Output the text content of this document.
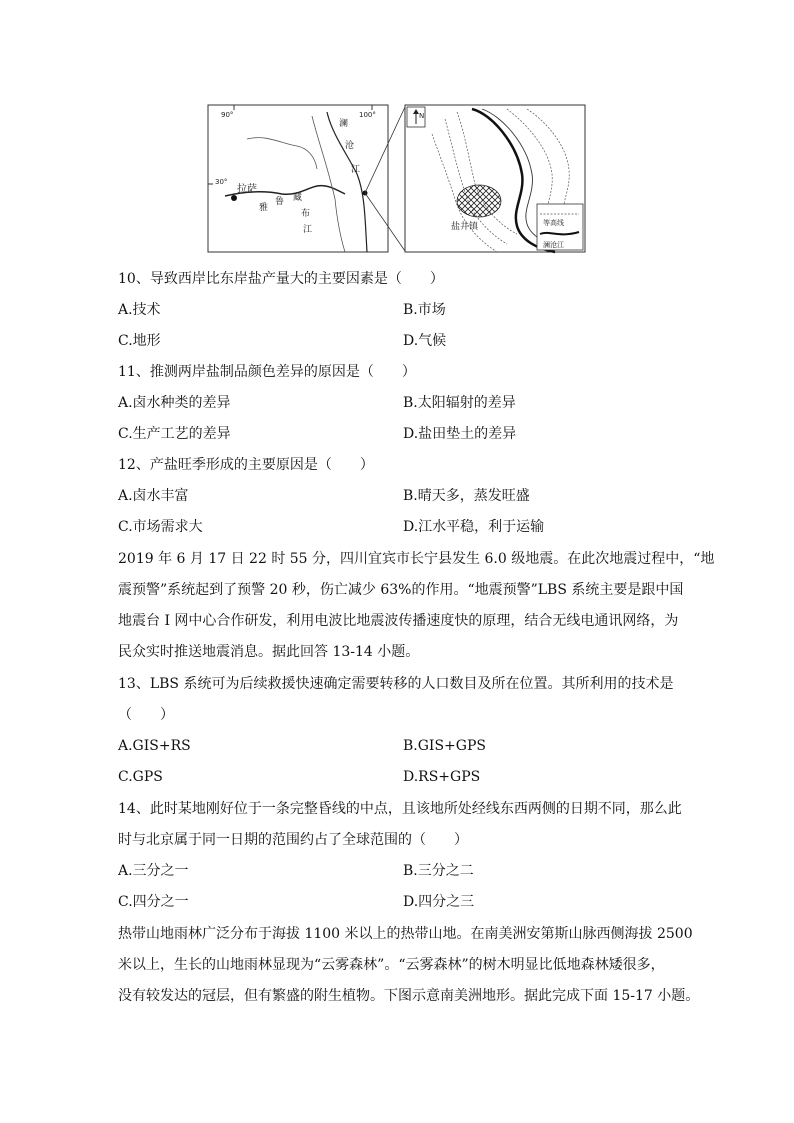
90°	100°
30°
拉萨
雅
鲁 藏
布
江
澜
沧
江
N
盐井镇	等高线
澜沧江
10、导致西岸比东岸盐产量大的主要因素是（　　）
A.技术	B.市场
C.地形	D.气候
11、推测两岸盐制品颜色差异的原因是（　　）
A.卤水种类的差异	B.太阳辐射的差异
C.生产工艺的差异	D.盐田垫土的差异
12、产盐旺季形成的主要原因是（　　）
A.卤水丰富	B.晴天多，蒸发旺盛
C.市场需求大	D.江水平稳，利于运输
2019 年 6 月 17 日 22 时 55 分，四川宜宾市长宁县发生 6.0 级地震。在此次地震过程中，“地
震预警”系统起到了预警 20 秒，伤亡减少 63%的作用。“地震预警”LBS 系统主要是跟中国
地震台 I 网中心合作研发，利用电波比地震波传播速度快的原理，结合无线电通讯网络，为
民众实时推送地震消息。据此回答 13-14 小题。
13、LBS 系统可为后续救援快速确定需要转移的人口数目及所在位置。其所利用的技术是
（　　）
A.GIS+RS	B.GIS+GPS
C.GPS	D.RS+GPS
14、此时某地刚好位于一条完整昏线的中点，且该地所处经线东西两侧的日期不同，那么此
时与北京属于同一日期的范围约占了全球范围的（　　）
A.三分之一	B.三分之二
C.四分之一	D.四分之三
热带山地雨林广泛分布于海拔 1100 米以上的热带山地。在南美洲安第斯山脉西侧海拔 2500
米以上，生长的山地雨林显现为“云雾森林”。“云雾森林”的树木明显比低地森林矮很多，
没有较发达的冠层，但有繁盛的附生植物。下图示意南美洲地形。据此完成下面 15-17 小题。
